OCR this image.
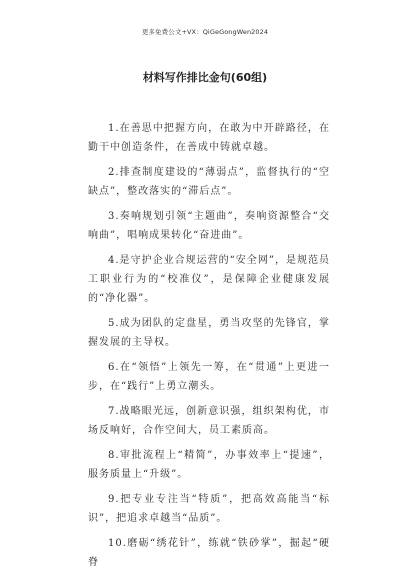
更多免费公文+VX：QiGeGongWen2024
材料写作排比金句(60组)
1.在善思中把握方向，在敢为中开辟路径，在勤干中创造条件，在善成中铸就卓越。
2.排查制度建设的“薄弱点”，监督执行的“空缺点”，整改落实的“滞后点”。
3.奏响规划引领“主题曲”，奏响资源整合“交响曲”，唱响成果转化“奋进曲”。
4.是守护企业合规运营的“安全网”，是规范员工职业行为的“校准仪”，是保障企业健康发展的“净化器”。
5.成为团队的定盘星，勇当攻坚的先锋官，掌握发展的主导权。
6.在“领悟”上领先一筹，在“贯通”上更进一步，在“践行”上勇立潮头。
7.战略眼光远，创新意识强，组织架构优，市场反响好，合作空间大，员工素质高。
8.审批流程上“精简”，办事效率上“提速”，服务质量上“升级”。
9.把专业专注当“特质”，把高效高能当“标识”，把追求卓越当“品质”。
10.磨砺“绣花针”，练就“铁砂掌”，掘起“硬脊
